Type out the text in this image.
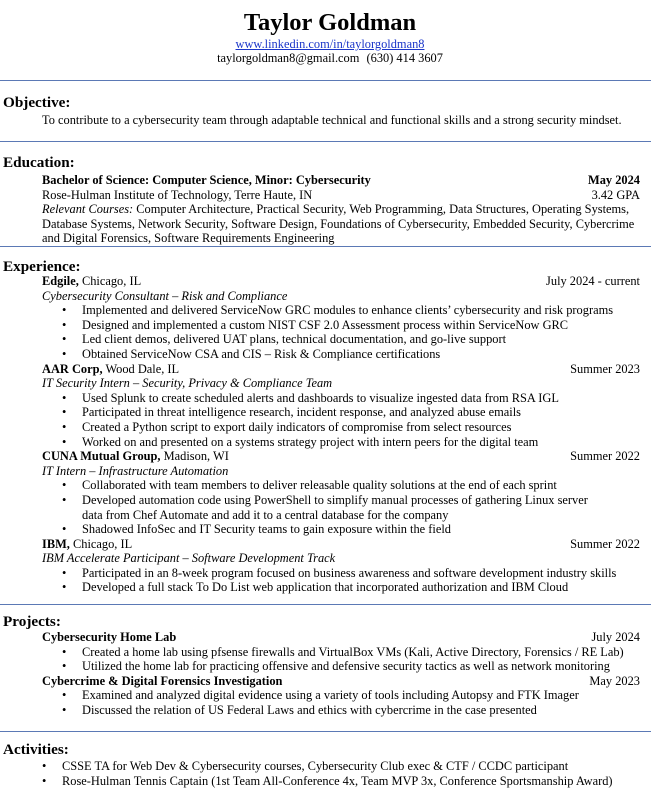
Taylor Goldman
www.linkedin.com/in/taylorgoldman8
taylorgoldman8@gmail.com (630) 414 3607
Objective:
To contribute to a cybersecurity team through adaptable technical and functional skills and a strong security mindset.
Education:
Bachelor of Science: Computer Science, Minor: Cybersecurity	May 2024
Rose-Hulman Institute of Technology, Terre Haute, IN	3.42 GPA
Relevant Courses: Computer Architecture, Practical Security, Web Programming, Data Structures, Operating Systems, Database Systems, Network Security, Software Design, Foundations of Cybersecurity, Embedded Security, Cybercrime and Digital Forensics, Software Requirements Engineering
Experience:
Edgile, Chicago, IL	July 2024 - current
Cybersecurity Consultant – Risk and Compliance
• Implemented and delivered ServiceNow GRC modules to enhance clients’ cybersecurity and risk programs
• Designed and implemented a custom NIST CSF 2.0 Assessment process within ServiceNow GRC
• Led client demos, delivered UAT plans, technical documentation, and go-live support
• Obtained ServiceNow CSA and CIS – Risk & Compliance certifications
AAR Corp, Wood Dale, IL	Summer 2023
IT Security Intern – Security, Privacy & Compliance Team
• Used Splunk to create scheduled alerts and dashboards to visualize ingested data from RSA IGL
• Participated in threat intelligence research, incident response, and analyzed abuse emails
• Created a Python script to export daily indicators of compromise from select resources
• Worked on and presented on a systems strategy project with intern peers for the digital team
CUNA Mutual Group, Madison, WI	Summer 2022
IT Intern – Infrastructure Automation
• Collaborated with team members to deliver releasable quality solutions at the end of each sprint
• Developed automation code using PowerShell to simplify manual processes of gathering Linux server data from Chef Automate and add it to a central database for the company
• Shadowed InfoSec and IT Security teams to gain exposure within the field
IBM, Chicago, IL	Summer 2022
IBM Accelerate Participant – Software Development Track
• Participated in an 8-week program focused on business awareness and software development industry skills
• Developed a full stack To Do List web application that incorporated authorization and IBM Cloud
Projects:
Cybersecurity Home Lab	July 2024
• Created a home lab using pfsense firewalls and VirtualBox VMs (Kali, Active Directory, Forensics / RE Lab)
• Utilized the home lab for practicing offensive and defensive security tactics as well as network monitoring
Cybercrime & Digital Forensics Investigation	May 2023
• Examined and analyzed digital evidence using a variety of tools including Autopsy and FTK Imager
• Discussed the relation of US Federal Laws and ethics with cybercrime in the case presented
Activities:
• CSSE TA for Web Dev & Cybersecurity courses, Cybersecurity Club exec & CTF / CCDC participant
• Rose-Hulman Tennis Captain (1st Team All-Conference 4x, Team MVP 3x, Conference Sportsmanship Award)
